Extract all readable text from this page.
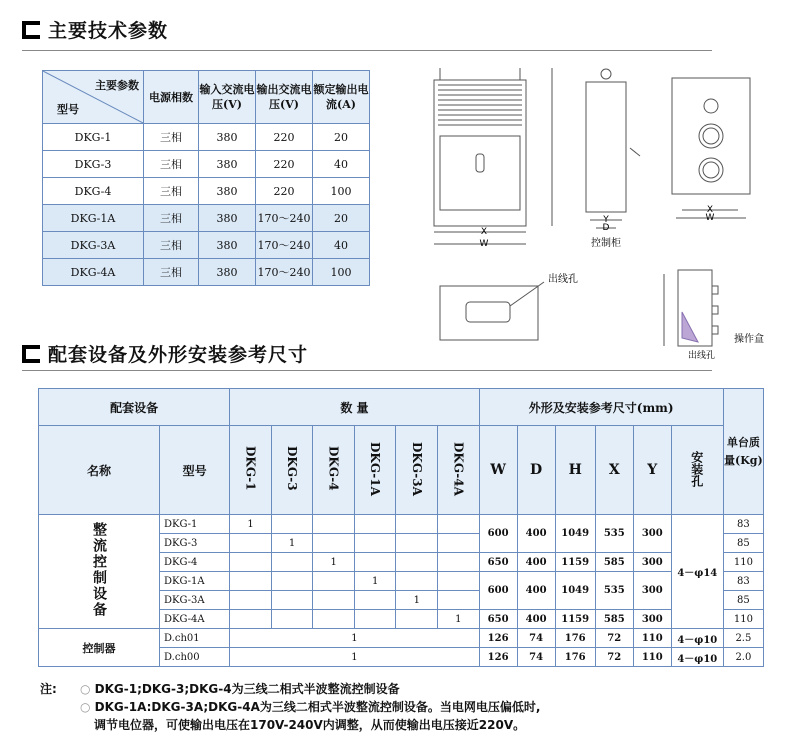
主要技术参数
主要参数
型号	电源相数	输入交流电压(V)	输出交流电压(V)	额定输出电流(A)
DKG-1	三相	380	220	20
DKG-3	三相	380	220	40
DKG-4	三相	380	220	100
DKG-1A	三相	380	170～240	20
DKG-3A	三相	380	170～240	40
DKG-4A	三相	380	170～240	100
X
W
Y
D
控制柜
X
W
出线孔
出线孔
操作盒
配套设备及外形安装参考尺寸
配套设备		数 量						外形及安装参考尺寸(mm)						单台质量(Kg)
名称	型号	DKG-1	DKG-3	DKG-4	DKG-1A	DKG-3A	DKG-4A	W	D	H	X	Y	安装孔	
整流控制设备	DKG-1	1						600	400	1049	535	300	4－φ14	83
	DKG-3		1											85
	DKG-4			1				650	400	1159	585	300		110
	DKG-1A				1			600	400	1049	535	300		83
	DKG-3A					1								85
	DKG-4A						1	650	400	1159	585	300		110
控制器	D.ch01	1						126	74	176	72	110	4－φ10	2.5
	D.ch00	1						126	74	176	72	110	4－φ10	2.0
注: ○ DKG-1;DKG-3;DKG-4为三线二相式半波整流控制设备
○ DKG-1A:DKG-3A;DKG-4A为三线二相式半波整流控制设备。当电网电压偏低时,
调节电位器，可使输出电压在170V-240V内调整，从而使输出电压接近220V。
